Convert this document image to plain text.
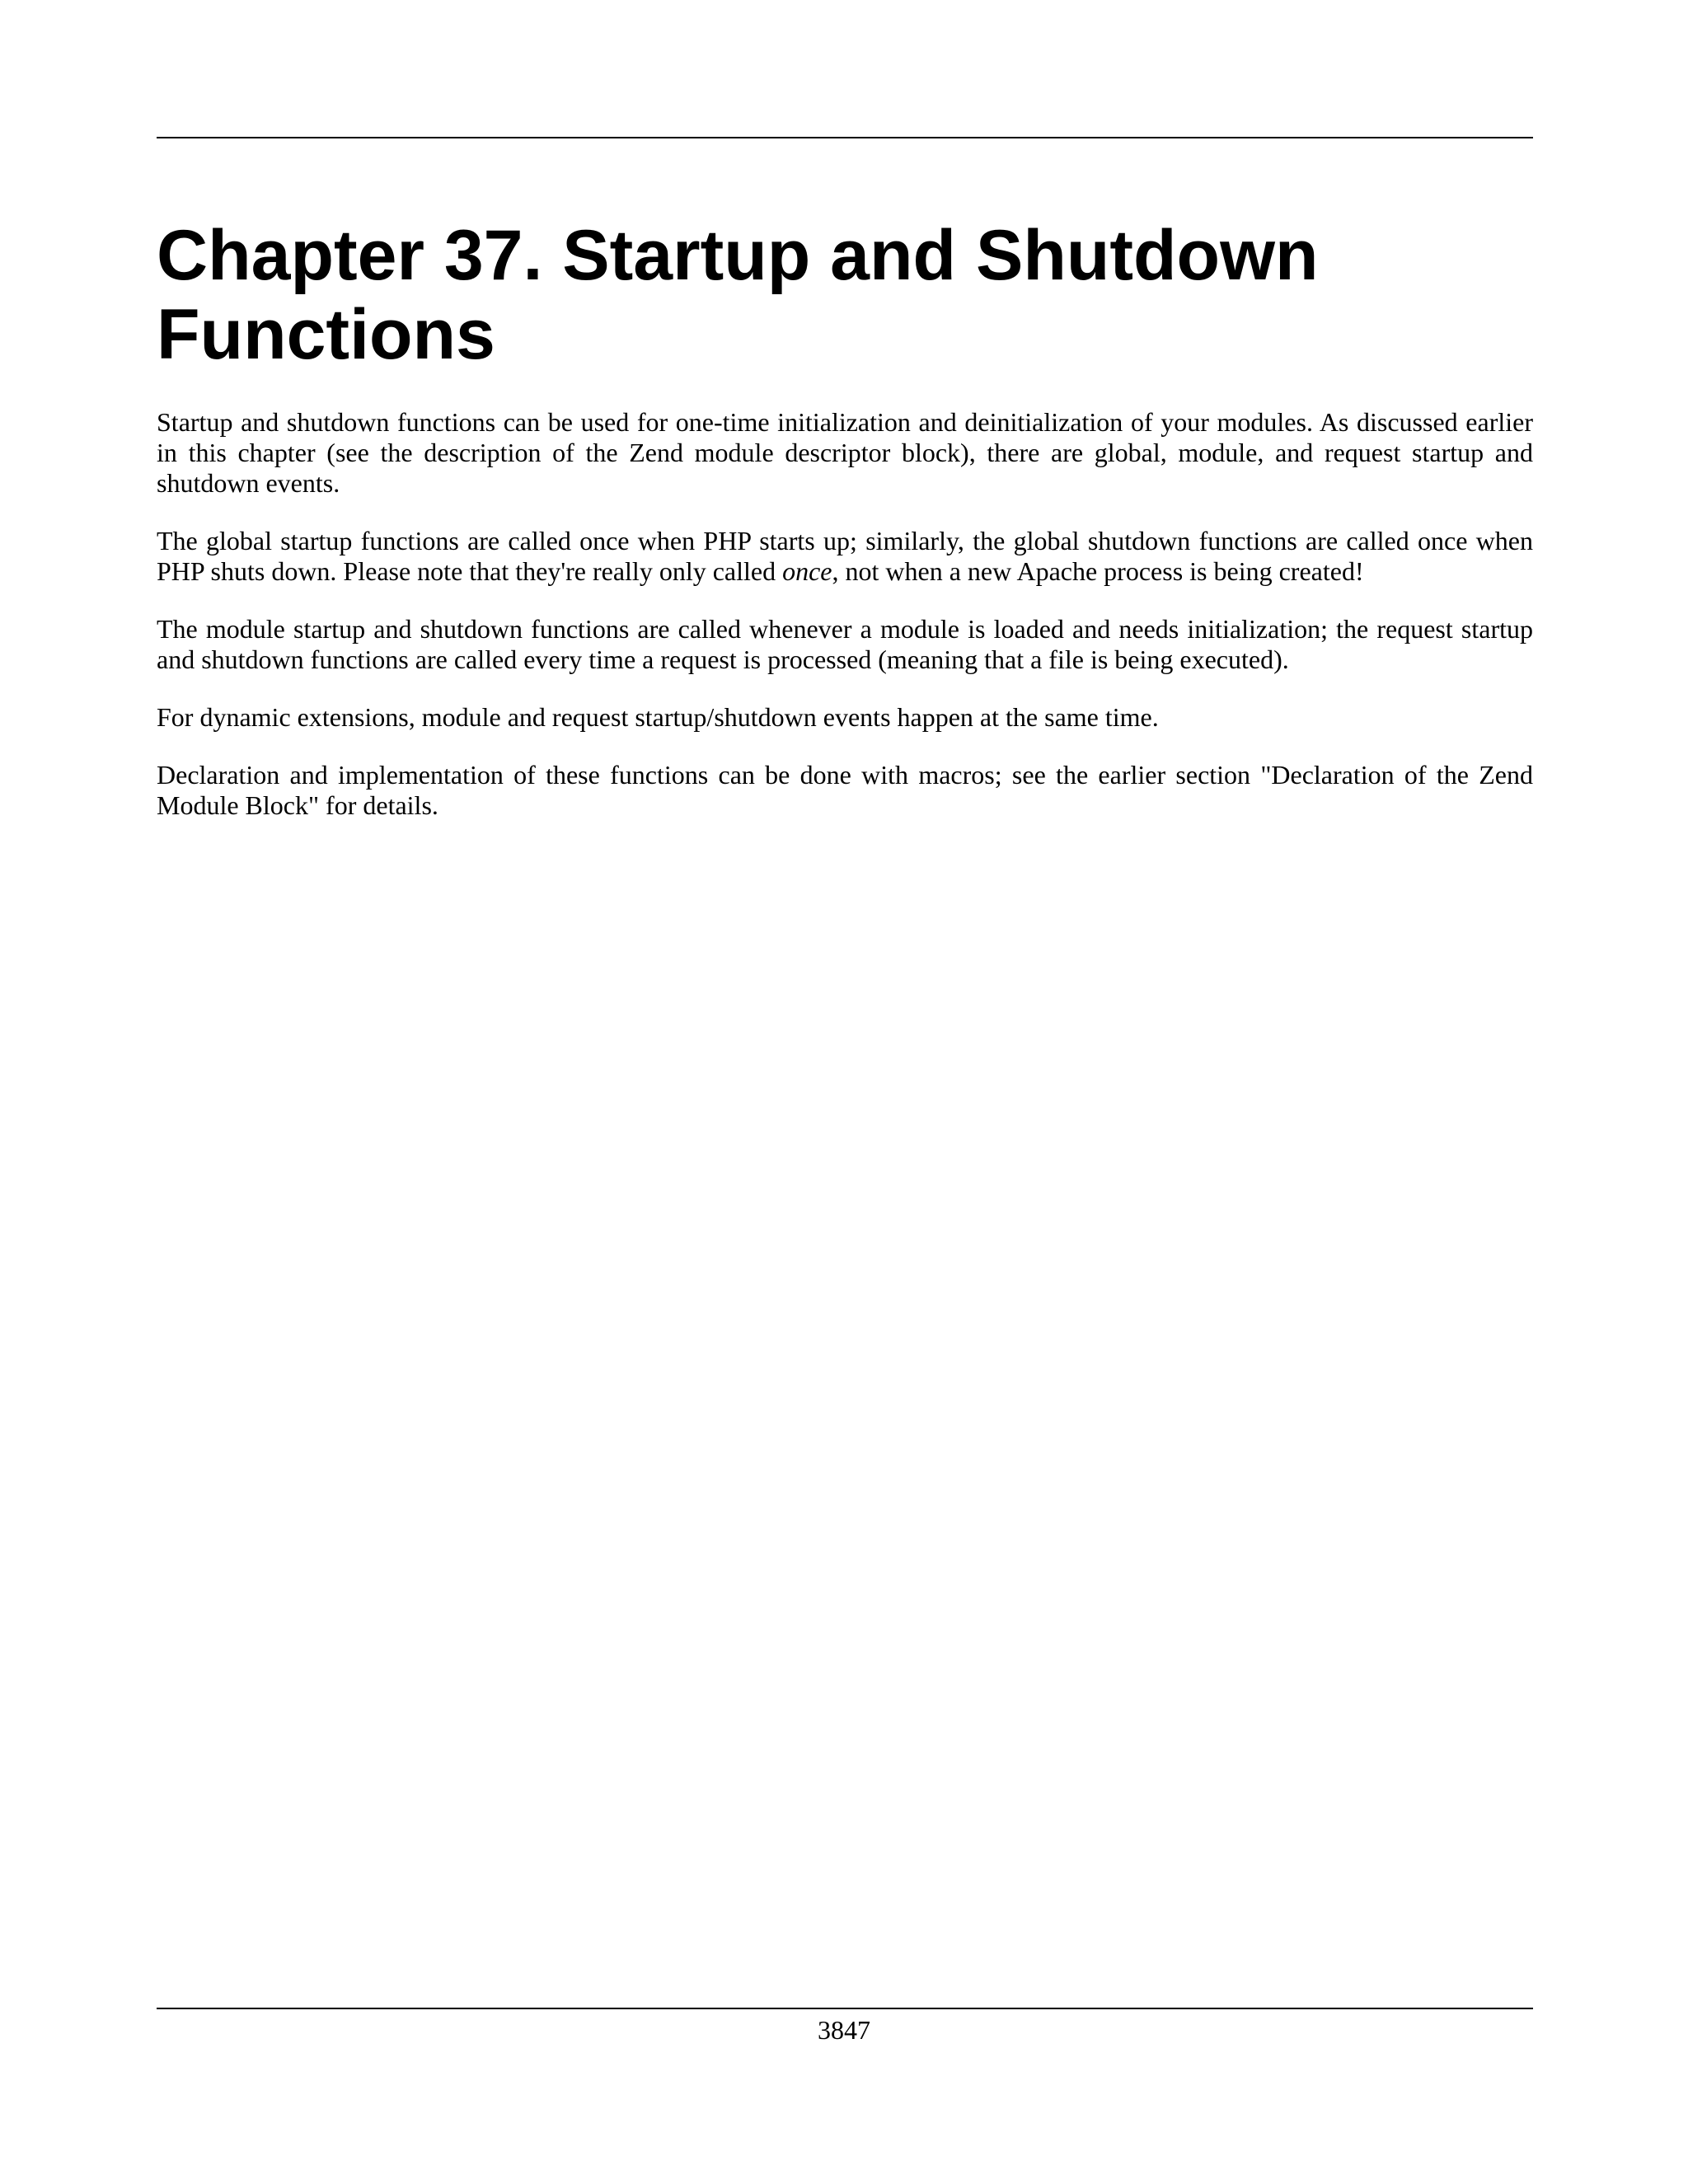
Chapter 37. Startup and Shutdown Functions

Startup and shutdown functions can be used for one-time initialization and deinitialization of your modules. As discussed earlier in this chapter (see the description of the Zend module descriptor block), there are global, module, and request startup and shutdown events.

The global startup functions are called once when PHP starts up; similarly, the global shutdown functions are called once when PHP shuts down. Please note that they're really only called once, not when a new Apache process is being created!

The module startup and shutdown functions are called whenever a module is loaded and needs initialization; the request startup and shutdown functions are called every time a request is processed (meaning that a file is being executed).

For dynamic extensions, module and request startup/shutdown events happen at the same time.

Declaration and implementation of these functions can be done with macros; see the earlier section "Declaration of the Zend Module Block" for details.

3847
